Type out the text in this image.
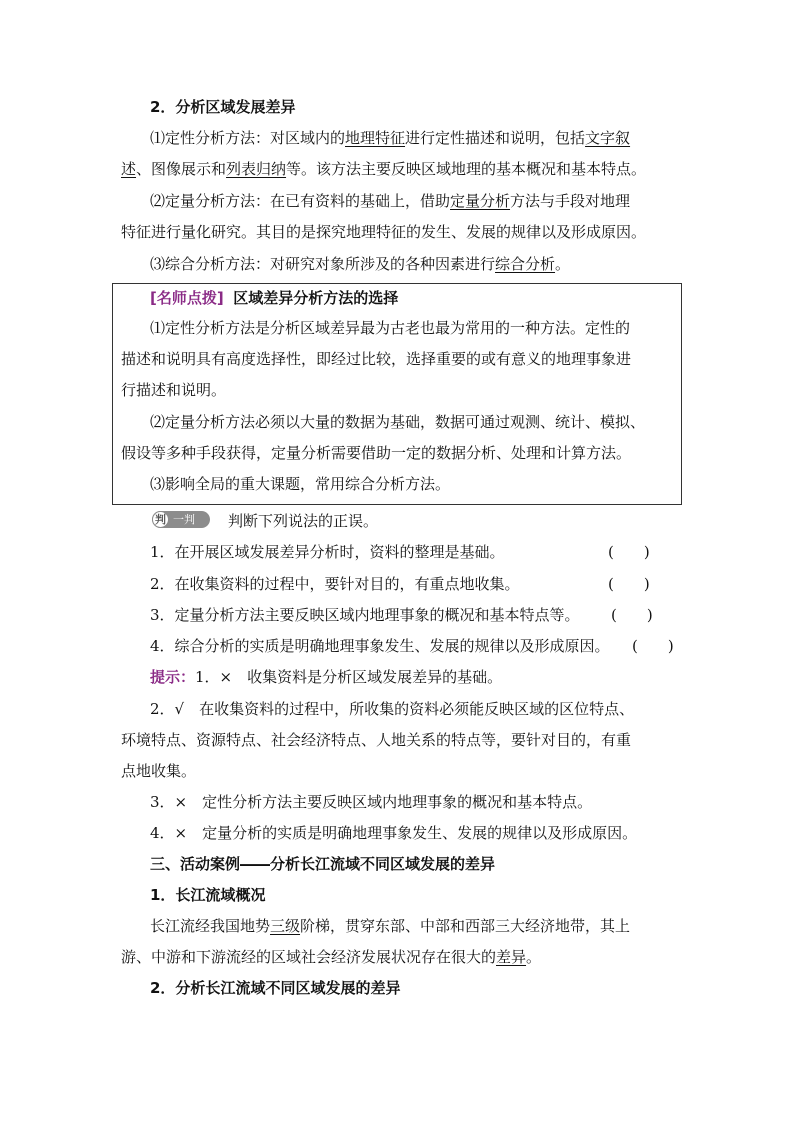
2．分析区域发展差异
⑴定性分析方法：对区域内的地理特征进行定性描述和说明，包括文字叙
述、图像展示和列表归纳等。该方法主要反映区域地理的基本概况和基本特点。
⑵定量分析方法：在已有资料的基础上，借助定量分析方法与手段对地理
特征进行量化研究。其目的是探究地理特征的发生、发展的规律以及形成原因。
⑶综合分析方法：对研究对象所涉及的各种因素进行综合分析。
[名师点拨] 区域差异分析方法的选择
⑴定性分析方法是分析区域差异最为古老也最为常用的一种方法。定性的
描述和说明具有高度选择性，即经过比较，选择重要的或有意义的地理事象进
行描述和说明。
⑵定量分析方法必须以大量的数据为基础，数据可通过观测、统计、模拟、
假设等多种手段获得，定量分析需要借助一定的数据分析、处理和计算方法。
⑶影响全局的重大课题，常用综合分析方法。
判 一判	判断下列说法的正误。
1．在开展区域发展差异分析时，资料的整理是基础。	(　　)
2．在收集资料的过程中，要针对目的，有重点地收集。	(　　)
3．定量分析方法主要反映区域内地理事象的概况和基本特点等。	(　　)
4．综合分析的实质是明确地理事象发生、发展的规律以及形成原因。	(　　)
提示：1．×　收集资料是分析区域发展差异的基础。
2．√　在收集资料的过程中，所收集的资料必须能反映区域的区位特点、
环境特点、资源特点、社会经济特点、人地关系的特点等，要针对目的，有重
点地收集。
3．×　定性分析方法主要反映区域内地理事象的概况和基本特点。
4．×　定量分析的实质是明确地理事象发生、发展的规律以及形成原因。
三、活动案例――分析长江流域不同区域发展的差异
1．长江流域概况
长江流经我国地势三级阶梯，贯穿东部、中部和西部三大经济地带，其上
游、中游和下游流经的区域社会经济发展状况存在很大的差异。
2．分析长江流域不同区域发展的差异
